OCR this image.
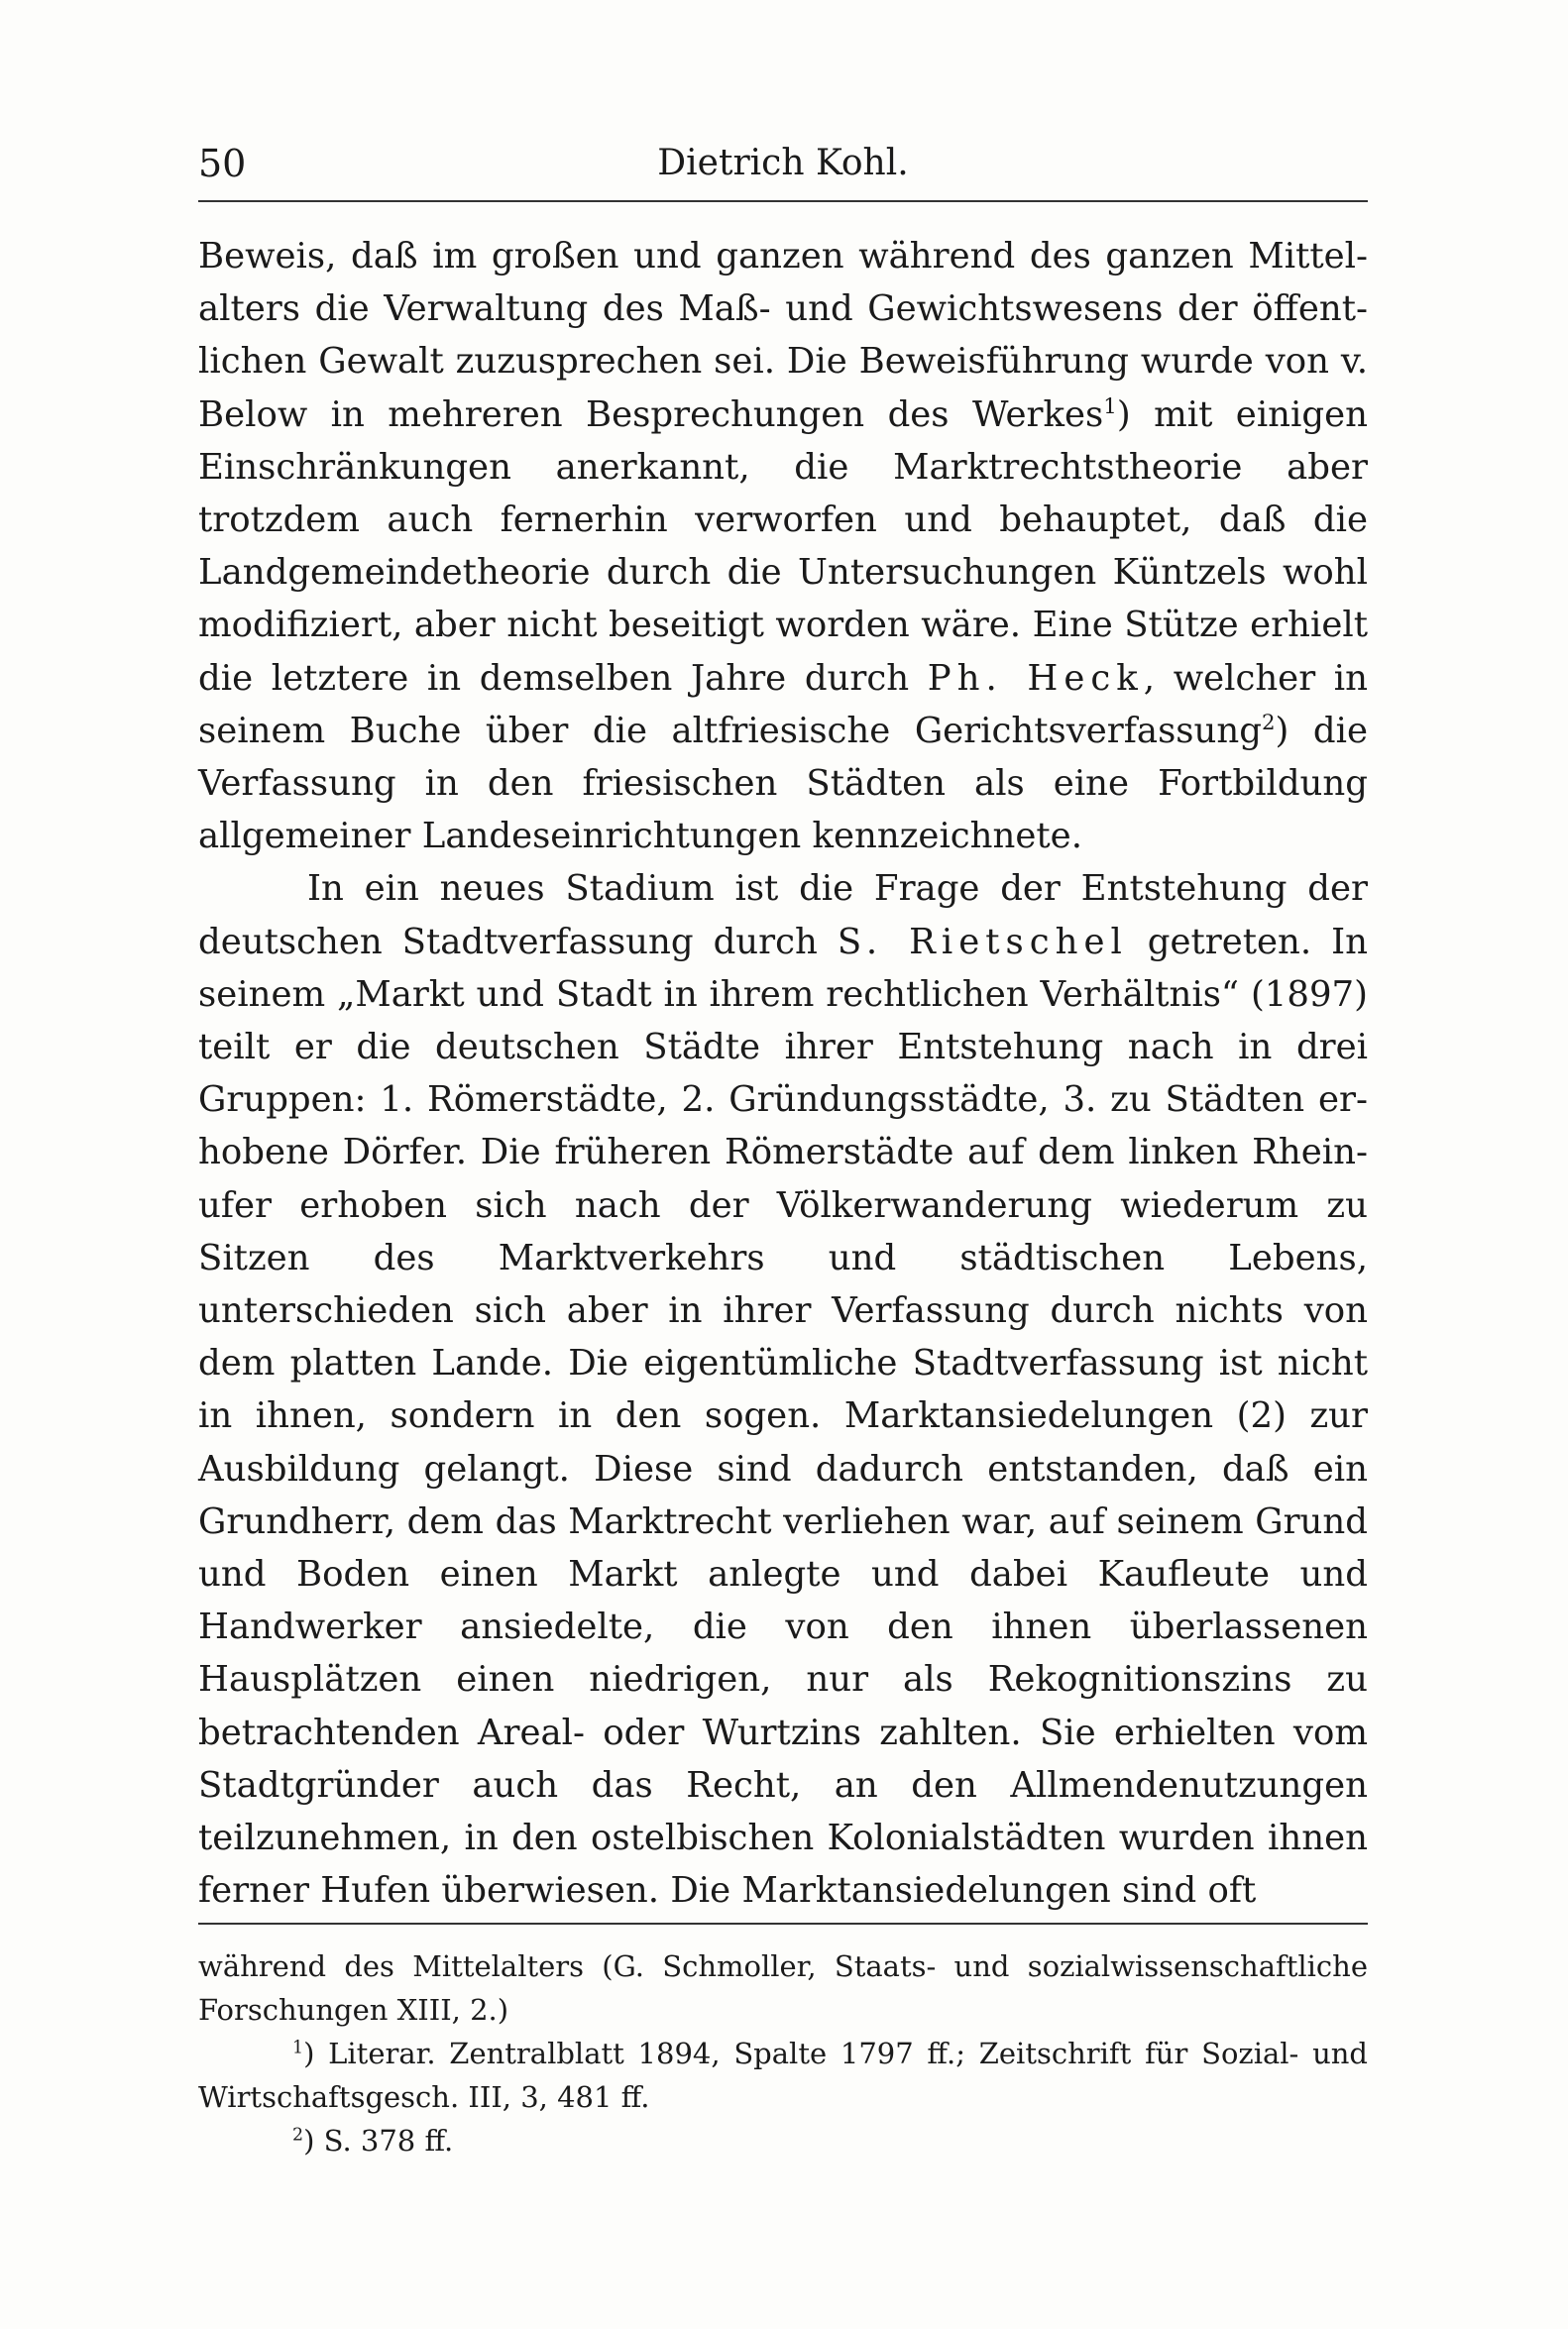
50	Dietrich Kohl.

Beweis, daß im großen und ganzen während des ganzen Mittelalters die Verwaltung des Maß- und Gewichtswesens der öffentlichen Gewalt zuzusprechen sei. Die Beweisführung wurde von v. Below in mehreren Besprechungen des Werkes$^1$) mit einigen Einschränkungen anerkannt, die Marktrechtstheorie aber trotzdem auch fernerhin verworfen und behauptet, daß die Landgemeindetheorie durch die Untersuchungen Küntzels wohl modifiziert, aber nicht beseitigt worden wäre. Eine Stütze erhielt die letztere in demselben Jahre durch Ph. Heck, welcher in seinem Buche über die altfriesische Gerichtsverfassung$^2$) die Verfassung in den friesischen Städten als eine Fortbildung allgemeiner Landeseinrichtungen kennzeichnete.

In ein neues Stadium ist die Frage der Entstehung der deutschen Stadtverfassung durch S. Rietschel getreten. In seinem „Markt und Stadt in ihrem rechtlichen Verhältnis“ (1897) teilt er die deutschen Städte ihrer Entstehung nach in drei Gruppen: 1. Römerstädte, 2. Gründungsstädte, 3. zu Städten erhobene Dörfer. Die früheren Römerstädte auf dem linken Rheinufer erhoben sich nach der Völkerwanderung wiederum zu Sitzen des Marktverkehrs und städtischen Lebens, unterschieden sich aber in ihrer Verfassung durch nichts von dem platten Lande. Die eigentümliche Stadtverfassung ist nicht in ihnen, sondern in den sogen. Marktansiedelungen (2) zur Ausbildung gelangt. Diese sind dadurch entstanden, daß ein Grundherr, dem das Marktrecht verliehen war, auf seinem Grund und Boden einen Markt anlegte und dabei Kaufleute und Handwerker ansiedelte, die von den ihnen überlassenen Hausplätzen einen niedrigen, nur als Rekognitionszins zu betrachtenden Areal- oder Wurtzins zahlten. Sie erhielten vom Stadtgründer auch das Recht, an den Allmendenutzungen teilzunehmen, in den ostelbischen Kolonialstädten wurden ihnen ferner Hufen überwiesen. Die Marktansiedelungen sind oft

während des Mittelalters (G. Schmoller, Staats- und sozialwissenschaftliche Forschungen XIII, 2.)

$^1$) Literar. Zentralblatt 1894, Spalte 1797 ff.; Zeitschrift für Sozial- und Wirtschaftsgesch. III, 3, 481 ff.

$^2$) S. 378 ff.
